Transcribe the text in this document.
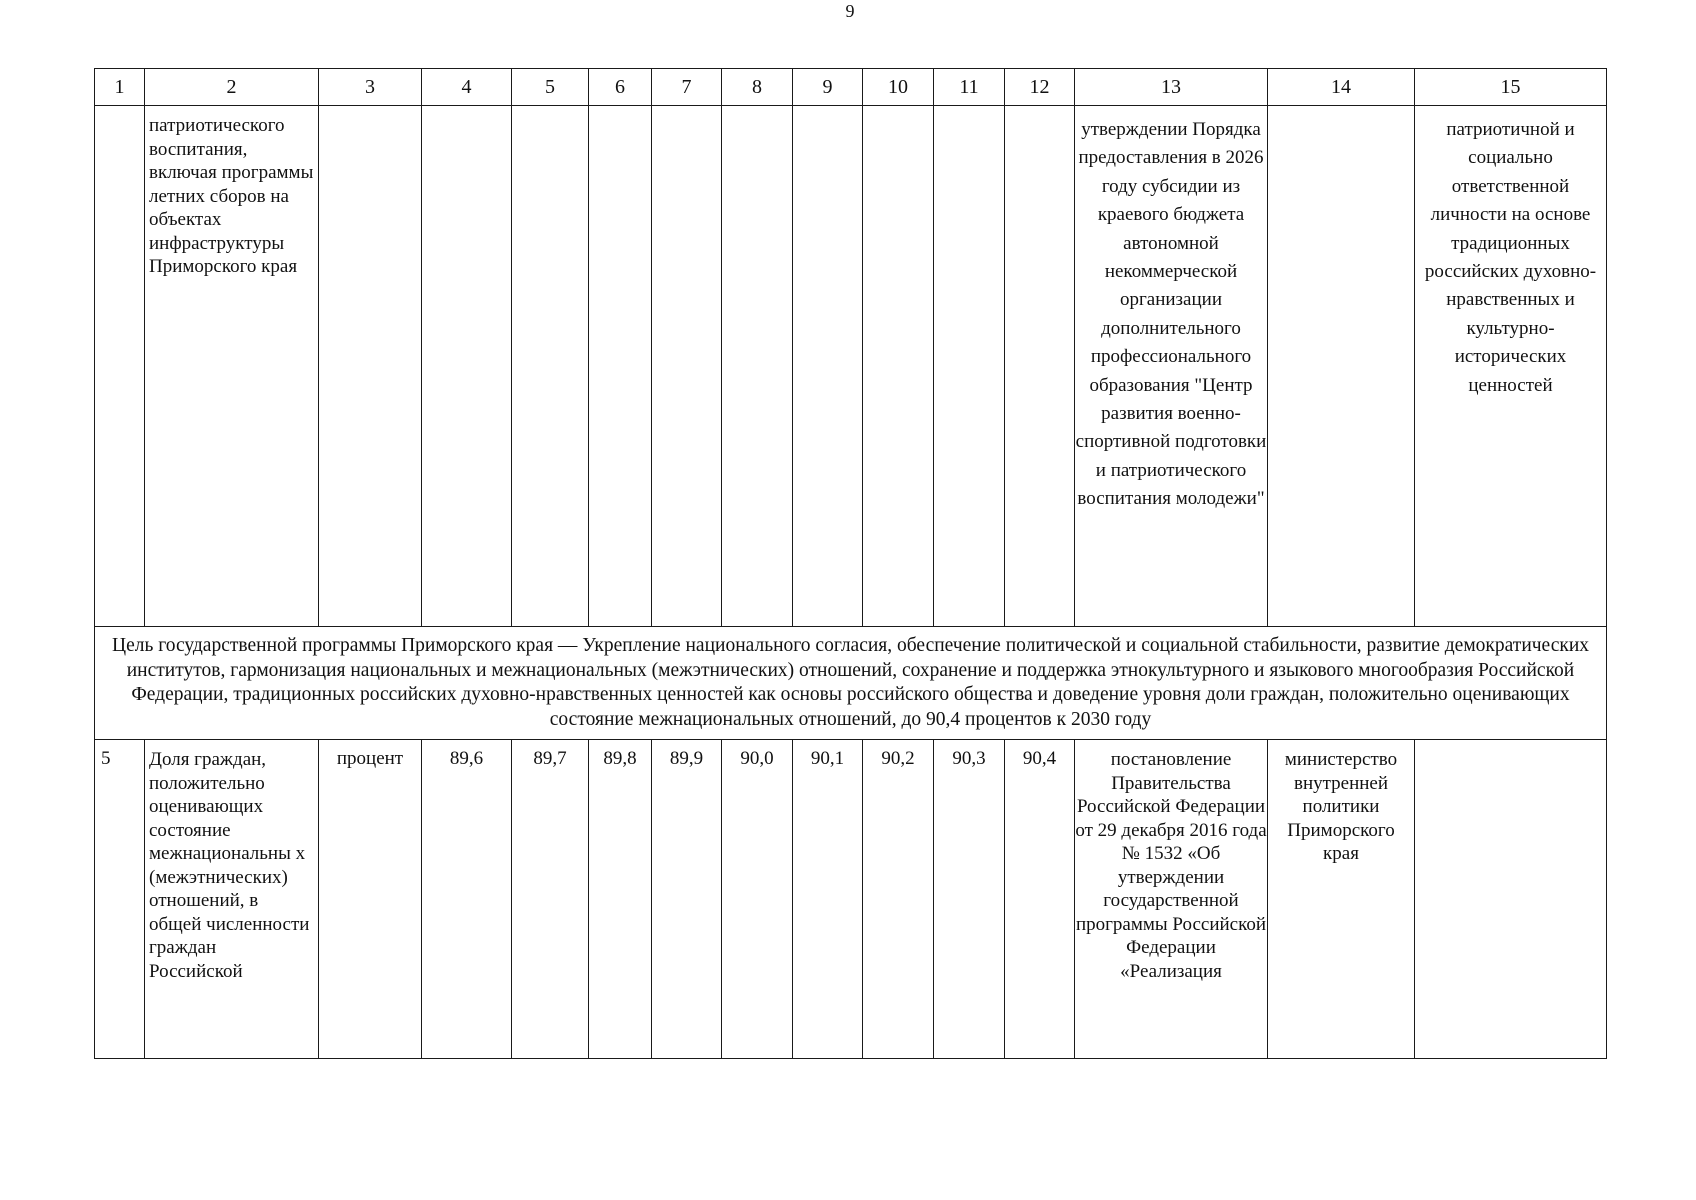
9
1	2	3	4	5	6	7	8	9	10	11	12	13	14	15

	патриотического воспитания, включая программы летних сборов на объектах инфраструктуры Приморского края											утверждении Порядка предоставления в 2026 году субсидии из краевого бюджета автономной некоммерческой организации дополнительного профессионального образования "Центр развития военно-спортивной подготовки и патриотического воспитания молодежи"		патриотичной и социально ответственной личности на основе традиционных российских духовно-нравственных и культурно-исторических ценностей

Цель государственной программы Приморского края — Укрепление национального согласия, обеспечение политической и социальной стабильности, развитие демократических институтов, гармонизация национальных и межнациональных (межэтнических) отношений, сохранение и поддержка этнокультурного и языкового многообразия Российской Федерации, традиционных российских духовно-нравственных ценностей как основы российского общества и доведение уровня доли граждан, положительно оценивающих состояние межнациональных отношений, до 90,4 процентов к 2030 году														

5	Доля граждан, положительно оценивающих состояние межнациональны х (межэтнических) отношений, в общей численности граждан Российской	процент	89,6	89,7	89,8	89,9	90,0	90,1	90,2	90,3	90,4	постановление Правительства Российской Федерации от 29 декабря 2016 года № 1532 «Об утверждении государственной программы Российской Федерации «Реализация	министерство внутренней политики Приморского края	
